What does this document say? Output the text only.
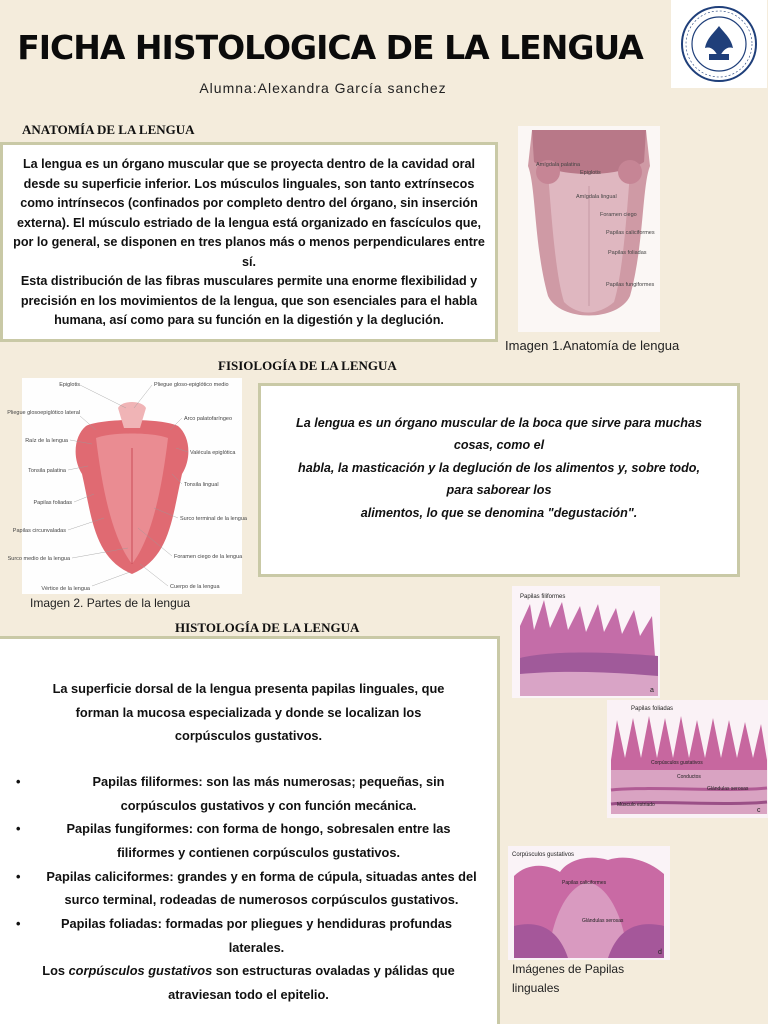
FICHA HISTOLOGICA DE LA LENGUA
Alumna:Alexandra García sanchez
ANATOMÍA DE LA LENGUA
La lengua es un órgano muscular que se proyecta dentro de la cavidad oral desde su superficie inferior. Los músculos linguales, son tanto extrínsecos como intrínsecos (confinados por completo dentro del órgano, sin inserción externa). El músculo estriado de la lengua está organizado en fascículos que, por lo general, se disponen en tres planos más o menos perpendiculares entre sí.
Esta distribución de las fibras musculares permite una enorme flexibilidad y precisión en los movimientos de la lengua, que son esenciales para el habla humana, así como para su función en la digestión y la deglución.
Amígdala palatina
Epiglotis
Amígdala lingual
Foramen ciego
Papilas caliciformes
Papilas foliadas
Papilas fungiformes
Imagen 1.Anatomía de lengua
FISIOLOGÍA DE LA LENGUA
Epiglotis
Pliegue glosoepiglótico lateral
Raíz de la lengua
Tonsila palatina
Papilas foliadas
Papilas circunvaladas
Surco medio de la lengua
Vértice de la lengua
Pliegue gloso-epiglótico medio
Arco palatofaríngeo
Valécula epiglótica
Tonsila lingual
Surco terminal de la lengua
Foramen ciego de la lengua
Cuerpo de la lengua
Imagen 2. Partes de la lengua
La lengua es un órgano muscular de la boca que sirve para muchas
cosas, como el
habla, la masticación y la deglución de los alimentos y, sobre todo,
para saborear los
alimentos, lo que se denomina "degustación".
HISTOLOGÍA DE LA LENGUA
La superficie dorsal de la lengua presenta papilas linguales, que forman la mucosa especializada y donde se localizan los corpúsculos gustativos.
• Papilas filiformes: son las más numerosas; pequeñas, sin corpúsculos gustativos y con función mecánica.
• Papilas fungiformes: con forma de hongo, sobresalen entre las filiformes y contienen corpúsculos gustativos.
• Papilas caliciformes: grandes y en forma de cúpula, situadas antes del surco terminal, rodeadas de numerosos corpúsculos gustativos.
• Papilas foliadas: formadas por pliegues y hendiduras profundas laterales.
Los corpúsculos gustativos son estructuras ovaladas y pálidas que atraviesan todo el epitelio.
Papilas filiformes
a
Papilas foliadas
Corpúsculos gustativos
Conductos
Glándulas serosas
Músculo estriado
c
Corpúsculos gustativos
Papilas caliciformes
Glándulas serosas
d
Imágenes de Papilas linguales
